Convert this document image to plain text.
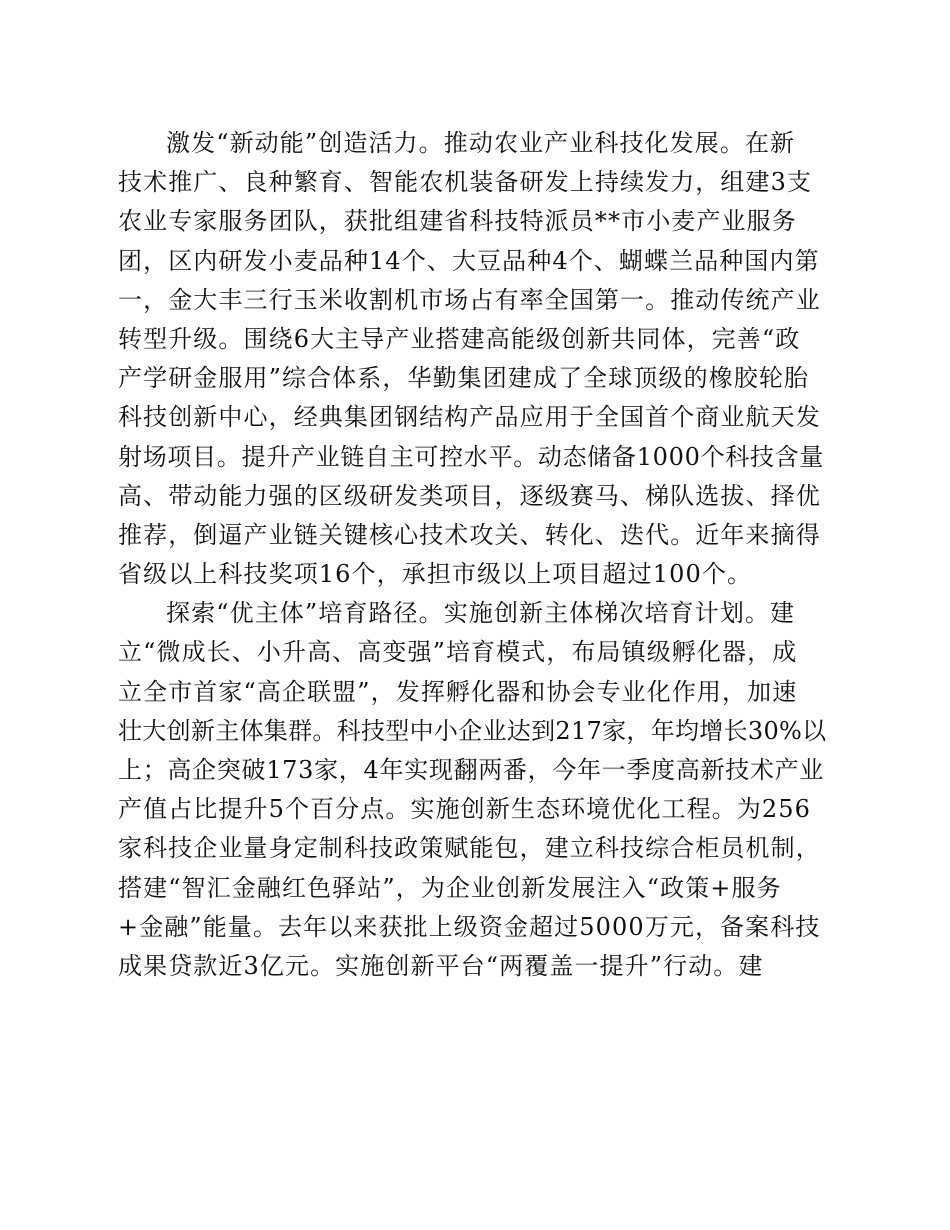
激发“新动能”创造活力。推动农业产业科技化发展。在新
技术推广、良种繁育、智能农机装备研发上持续发力，组建3支
农业专家服务团队，获批组建省科技特派员**市小麦产业服务
团，区内研发小麦品种14个、大豆品种4个、蝴蝶兰品种国内第
一，金大丰三行玉米收割机市场占有率全国第一。推动传统产业
转型升级。围绕6大主导产业搭建高能级创新共同体，完善“政
产学研金服用”综合体系，华勤集团建成了全球顶级的橡胶轮胎
科技创新中心，经典集团钢结构产品应用于全国首个商业航天发
射场项目。提升产业链自主可控水平。动态储备1000个科技含量
高、带动能力强的区级研发类项目，逐级赛马、梯队选拔、择优
推荐，倒逼产业链关键核心技术攻关、转化、迭代。近年来摘得
省级以上科技奖项16个，承担市级以上项目超过100个。
探索“优主体”培育路径。实施创新主体梯次培育计划。建
立“微成长、小升高、高变强”培育模式，布局镇级孵化器，成
立全市首家“高企联盟”，发挥孵化器和协会专业化作用，加速
壮大创新主体集群。科技型中小企业达到217家，年均增长30%以
上；高企突破173家，4年实现翻两番，今年一季度高新技术产业
产值占比提升5个百分点。实施创新生态环境优化工程。为256
家科技企业量身定制科技政策赋能包，建立科技综合柜员机制，
搭建“智汇金融红色驿站”，为企业创新发展注入“政策+服务
+金融”能量。去年以来获批上级资金超过5000万元，备案科技
成果贷款近3亿元。实施创新平台“两覆盖一提升”行动。建
